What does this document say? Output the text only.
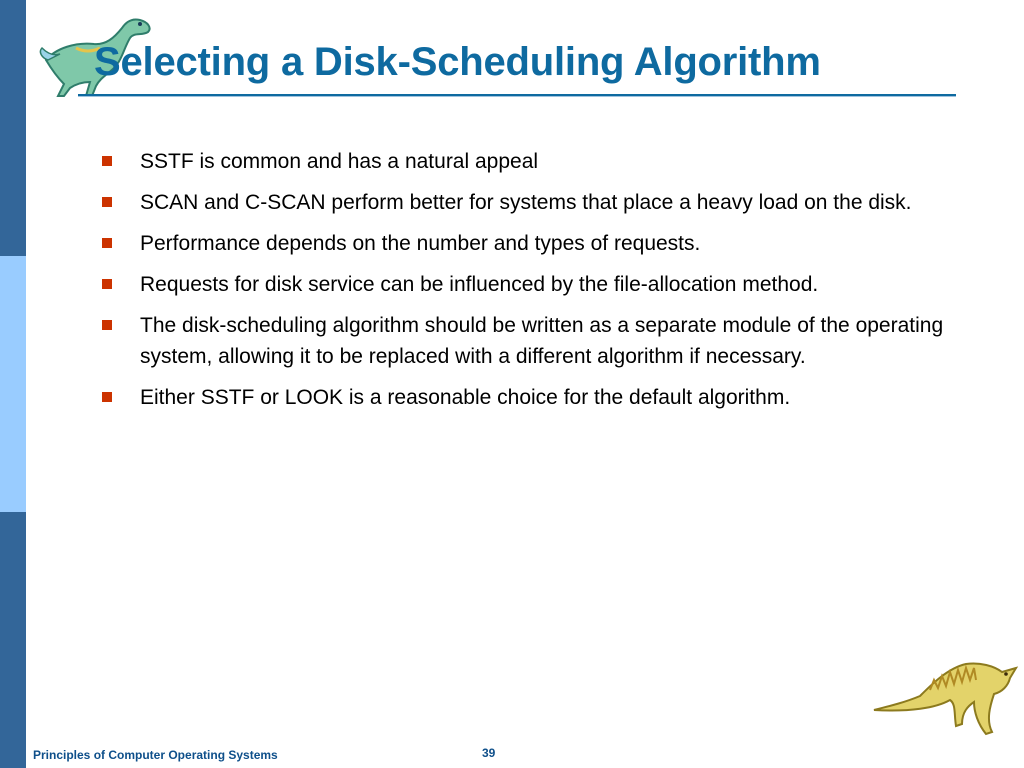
Selecting a Disk-Scheduling Algorithm
SSTF is common and has a natural appeal
SCAN and C-SCAN perform better for systems that place a heavy load on the disk.
Performance depends on the number and types of requests.
Requests for disk service can be influenced by the file-allocation method.
The disk-scheduling algorithm should be written as a separate module of the operating system, allowing it to be replaced with a different algorithm if necessary.
Either SSTF or LOOK is a reasonable choice for the default algorithm.
Principles of Computer Operating Systems	39
